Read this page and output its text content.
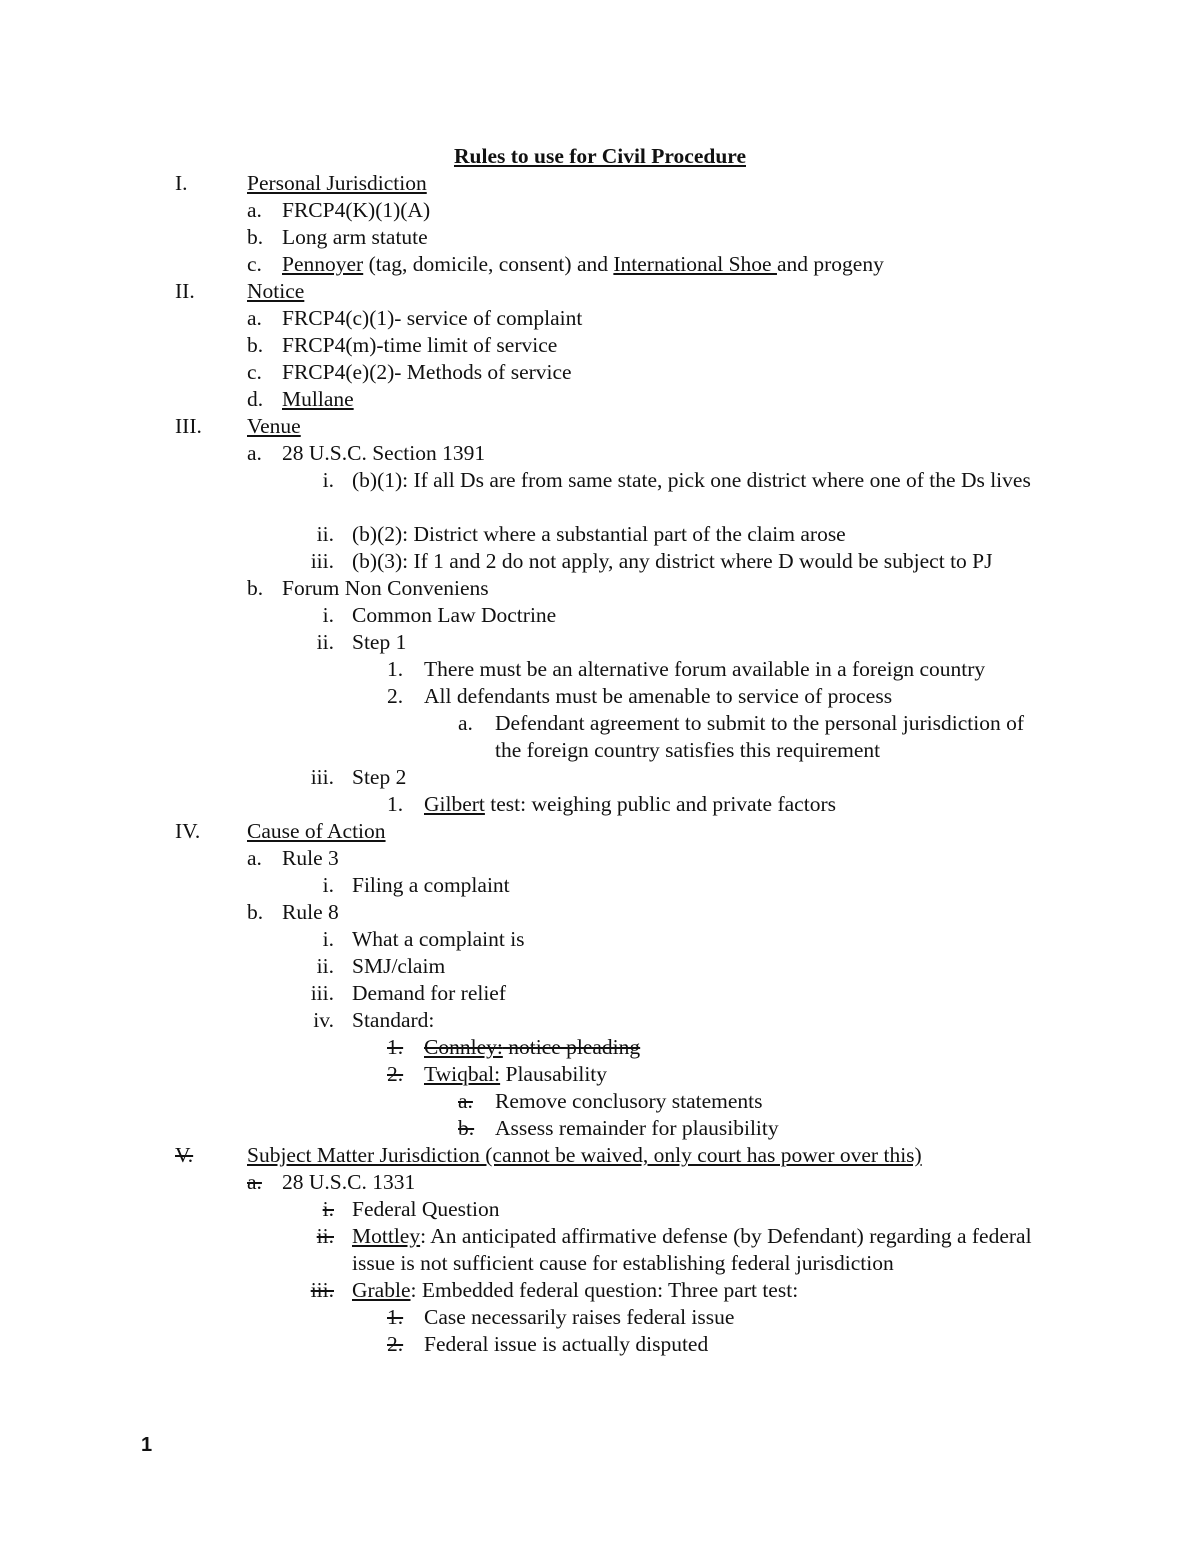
Rules to use for Civil Procedure
I.	Personal Jurisdiction
a. FRCP4(K)(1)(A)
b. Long arm statute
c. Pennoyer (tag, domicile, consent) and International Shoe and progeny
II. Notice
a. FRCP4(c)(1)- service of complaint
b. FRCP4(m)-time limit of service
c. FRCP4(e)(2)- Methods of service
d. Mullane
III. Venue
a. 28 U.S.C. Section 1391
i. (b)(1): If all Ds are from same state, pick one district where one of the Ds lives
ii. (b)(2): District where a substantial part of the claim arose
iii. (b)(3): If 1 and 2 do not apply, any district where D would be subject to PJ
b. Forum Non Conveniens
i. Common Law Doctrine
ii. Step 1
1. There must be an alternative forum available in a foreign country
2. All defendants must be amenable to service of process
a. Defendant agreement to submit to the personal jurisdiction of the foreign country satisfies this requirement
iii. Step 2
1. Gilbert test: weighing public and private factors
IV. Cause of Action
a. Rule 3
i. Filing a complaint
b. Rule 8
i. What a complaint is
ii. SMJ/claim
iii. Demand for relief
iv. Standard:
1. Connley: notice pleading
2. Twiqbal: Plausability
a.	Remove conclusory statements
b. Assess remainder for plausibility
V.	Subject Matter Jurisdiction (cannot be waived, only court has power over this)
a. 28 U.S.C. 1331
i. Federal Question
ii. Mottley: An anticipated affirmative defense (by Defendant) regarding a federal issue is not sufficient cause for establishing federal jurisdiction
iii. Grable: Embedded federal question: Three part test:
1. Case necessarily raises federal issue
2. Federal issue is actually disputed
1
